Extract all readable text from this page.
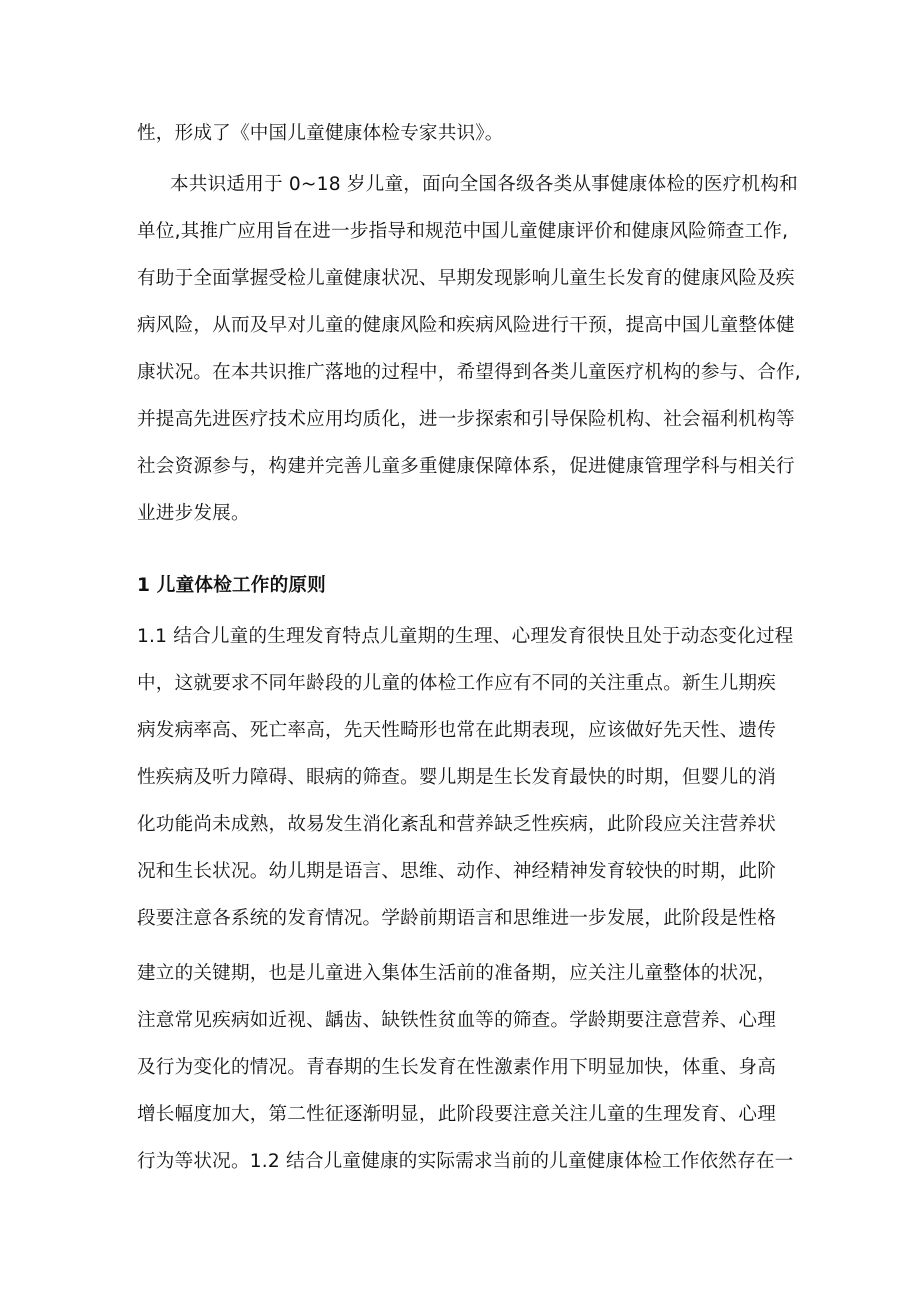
性，形成了《中国儿童健康体检专家共识》。
本共识适用于 0~18 岁儿童，面向全国各级各类从事健康体检的医疗机构和
单位,其推广应用旨在进一步指导和规范中国儿童健康评价和健康风险筛查工作,
有助于全面掌握受检儿童健康状况、早期发现影响儿童生长发育的健康风险及疾
病风险，从而及早对儿童的健康风险和疾病风险进行干预，提高中国儿童整体健
康状况。在本共识推广落地的过程中，希望得到各类儿童医疗机构的参与、合作,
并提高先进医疗技术应用均质化，进一步探索和引导保险机构、社会福利机构等
社会资源参与，构建并完善儿童多重健康保障体系，促进健康管理学科与相关行
业进步发展。
1 儿童体检工作的原则
1.1 结合儿童的生理发育特点儿童期的生理、心理发育很快且处于动态变化过程
中，这就要求不同年龄段的儿童的体检工作应有不同的关注重点。新生儿期疾
病发病率高、死亡率高，先天性畸形也常在此期表现，应该做好先天性、遗传
性疾病及听力障碍、眼病的筛查。婴儿期是生长发育最快的时期，但婴儿的消
化功能尚未成熟，故易发生消化紊乱和营养缺乏性疾病，此阶段应关注营养状
况和生长状况。幼儿期是语言、思维、动作、神经精神发育较快的时期，此阶
段要注意各系统的发育情况。学龄前期语言和思维进一步发展，此阶段是性格
建立的关键期，也是儿童进入集体生活前的准备期，应关注儿童整体的状况，
注意常见疾病如近视、龋齿、缺铁性贫血等的筛查。学龄期要注意营养、心理
及行为变化的情况。青春期的生长发育在性激素作用下明显加快，体重、身高
增长幅度加大，第二性征逐渐明显，此阶段要注意关注儿童的生理发育、心理
行为等状况。1.2 结合儿童健康的实际需求当前的儿童健康体检工作依然存在一
